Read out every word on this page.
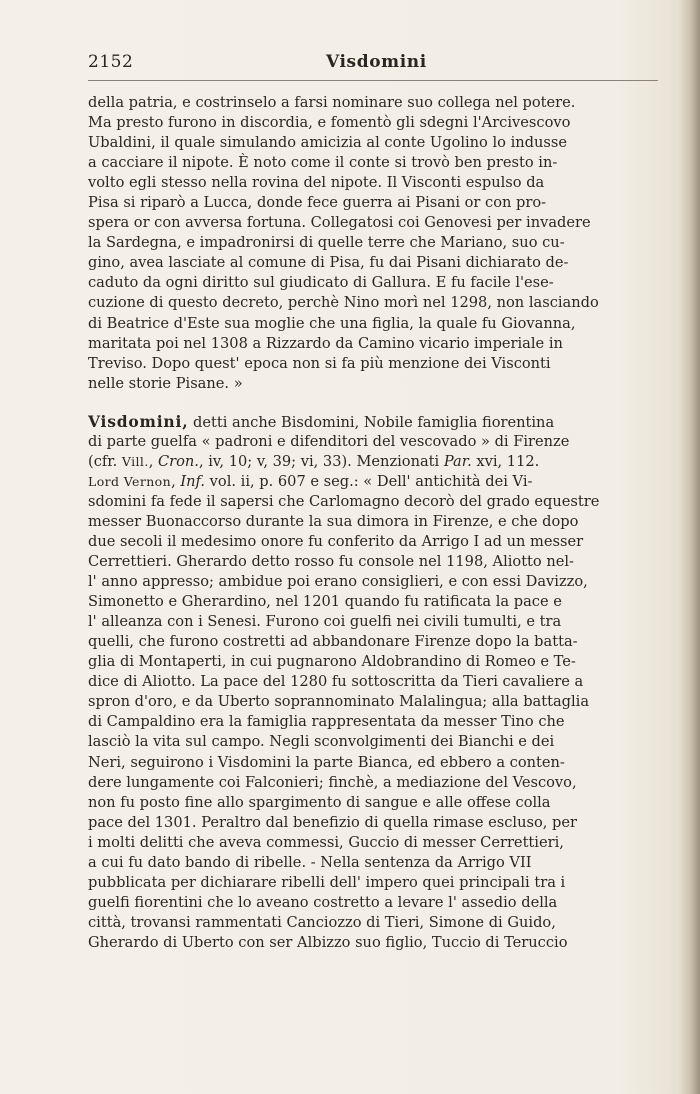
2152	Visdomini
della patria, e costrinselo a farsi nominare suo collega nel potere.
Ma presto furono in discordia, e fomentò gli sdegni l'Arcivescovo
Ubaldini, il quale simulando amicizia al conte Ugolino lo indusse
a cacciare il nipote. È noto come il conte si trovò ben presto in-
volto egli stesso nella rovina del nipote. Il Visconti espulso da
Pisa si riparò a Lucca, donde fece guerra ai Pisani or con pro-
spera or con avversa fortuna. Collegatosi coi Genovesi per invadere
la Sardegna, e impadronirsi di quelle terre che Mariano, suo cu-
gino, avea lasciate al comune di Pisa, fu dai Pisani dichiarato de-
caduto da ogni diritto sul giudicato di Gallura. E fu facile l'ese-
cuzione di questo decreto, perchè Nino morì nel 1298, non lasciando
di Beatrice d'Este sua moglie che una figlia, la quale fu Giovanna,
maritata poi nel 1308 a Rizzardo da Camino vicario imperiale in
Treviso. Dopo quest' epoca non si fa più menzione dei Visconti
nelle storie Pisane. »
Visdomini, detti anche Bisdomini, Nobile famiglia fiorentina
di parte guelfa « padroni e difenditori del vescovado » di Firenze
(cfr. Vill., Cron., iv, 10; v, 39; vi, 33). Menzionati Par. xvi, 112.
Lord Vernon, Inf. vol. ii, p. 607 e seg.: « Dell' antichità dei Vi-
sdomini fa fede il sapersi che Carlomagno decorò del grado equestre
messer Buonaccorso durante la sua dimora in Firenze, e che dopo
due secoli il medesimo onore fu conferito da Arrigo I ad un messer
Cerrettieri. Gherardo detto rosso fu console nel 1198, Aliotto nel-
l' anno appresso; ambidue poi erano consiglieri, e con essi Davizzo,
Simonetto e Gherardino, nel 1201 quando fu ratificata la pace e
l' alleanza con i Senesi. Furono coi guelfi nei civili tumulti, e tra
quelli, che furono costretti ad abbandonare Firenze dopo la batta-
glia di Montaperti, in cui pugnarono Aldobrandino di Romeo e Te-
dice di Aliotto. La pace del 1280 fu sottoscritta da Tieri cavaliere a
spron d'oro, e da Uberto soprannominato Malalingua; alla battaglia
di Campaldino era la famiglia rappresentata da messer Tino che
lasciò la vita sul campo. Negli sconvolgimenti dei Bianchi e dei
Neri, seguirono i Visdomini la parte Bianca, ed ebbero a conten-
dere lungamente coi Falconieri; finchè, a mediazione del Vescovo,
non fu posto fine allo spargimento di sangue e alle offese colla
pace del 1301. Peraltro dal benefizio di quella rimase escluso, per
i molti delitti che aveva commessi, Guccio di messer Cerrettieri,
a cui fu dato bando di ribelle. - Nella sentenza da Arrigo VII
pubblicata per dichiarare ribelli dell' impero quei principali tra i
guelfi fiorentini che lo aveano costretto a levare l' assedio della
città, trovansi rammentati Canciozzo di Tieri, Simone di Guido,
Gherardo di Uberto con ser Albizzo suo figlio, Tuccio di Teruccio
